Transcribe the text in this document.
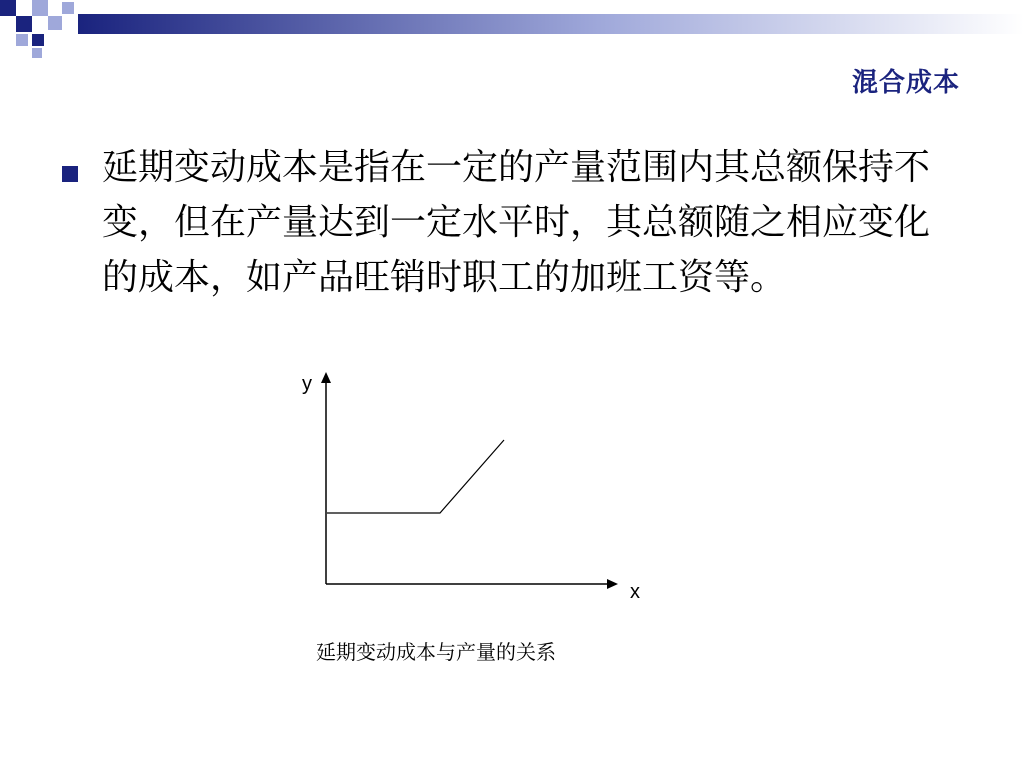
混合成本
延期变动成本是指在一定的产量范围内其总额保持不变，但在产量达到一定水平时，其总额随之相应变化的成本，如产品旺销时职工的加班工资等。
y
x
延期变动成本与产量的关系
